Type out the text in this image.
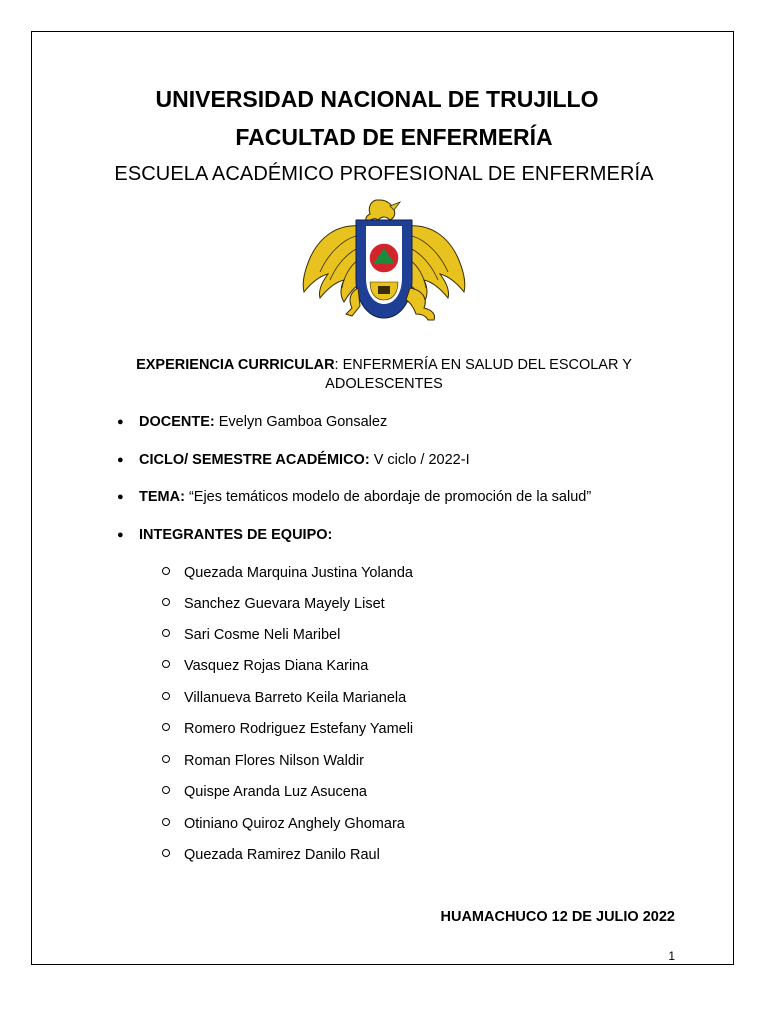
UNIVERSIDAD NACIONAL DE TRUJILLO
FACULTAD DE ENFERMERÍA
ESCUELA ACADÉMICO PROFESIONAL DE ENFERMERÍA
EXPERIENCIA CURRICULAR: ENFERMERÍA EN SALUD DEL ESCOLAR Y
ADOLESCENTES
● DOCENTE: Evelyn Gamboa Gonsalez
● CICLO/ SEMESTRE ACADÉMICO: V ciclo / 2022-I
● TEMA: “Ejes temáticos modelo de abordaje de promoción de la salud”
● INTEGRANTES DE EQUIPO:
Quezada Marquina Justina Yolanda
Sanchez Guevara Mayely Liset
Sari Cosme Neli Maribel
Vasquez Rojas Diana Karina
Villanueva Barreto Keila Marianela
Romero Rodriguez Estefany Yameli
Roman Flores Nilson Waldir
Quispe Aranda Luz Asucena
Otiniano Quiroz Anghely Ghomara
Quezada Ramirez Danilo Raul
HUAMACHUCO 12 DE JULIO 2022
1
